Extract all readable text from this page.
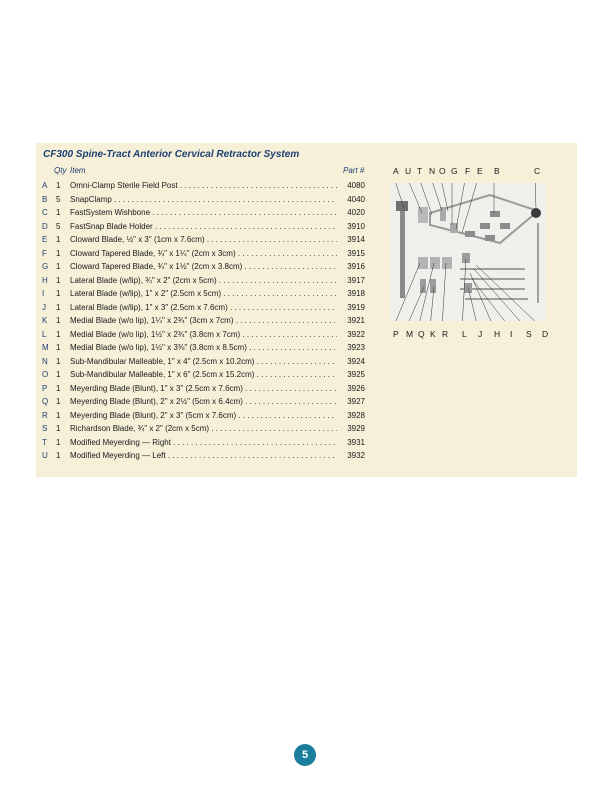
CF300 Spine-Tract Anterior Cervical Retractor System
Qty Item	Part #
A 1 Omni-Clamp Sterile Field Post . . .	4080
B 5 SnapClamp . . .	4040
C 1 FastSystem Wishbone . . .	4020
D 5 FastSnap Blade Holder . . .	3910
E 1 Cloward Blade, ½" x 3" (1cm x 7.6cm) . . .	3914
F 1 Cloward Tapered Blade, ¾" x 1¼" (2cm x 3cm) . . .	3915
G 1 Cloward Tapered Blade, ¾" x 1½" (2cm x 3.8cm) . . .	3916
H 1 Lateral Blade (w/lip), ¾" x 2" (2cm x 5cm) . . .	3917
I 1 Lateral Blade (w/lip), 1" x 2" (2.5cm x 5cm) . . .	3918
J 1 Lateral Blade (w/lip), 1" x 3" (2.5cm x 7.6cm) . . .	3919
K 1 Medial Blade (w/o lip), 1¼" x 2¾" (3cm x 7cm) . . .	3921
L 1 Medial Blade (w/o lip), 1½" x 2¾" (3.8cm x 7cm) . . .	3922
M 1 Medial Blade (w/o lip), 1½" x 3⅜" (3.8cm x 8.5cm) . . .	3923
N 1 Sub-Mandibular Malleable, 1" x 4" (2.5cm x 10.2cm) . . .	3924
O 1 Sub-Mandibular Malleable, 1" x 6" (2.5cm x 15.2cm) . . .	3925
P 1 Meyerding Blade (Blunt), 1" x 3" (2.5cm x 7.6cm) . . .	3926
Q 1 Meyerding Blade (Blunt), 2" x 2½" (5cm x 6.4cm) . . .	3927
R 1 Meyerding Blade (Blunt), 2" x 3" (5cm x 7.6cm) . . .	3928
S 1 Richardson Blade, ¾" x 2" (2cm x 5cm) . . .	3929
T 1 Modified Meyerding — Right . . .	3931
U 1 Modified Meyerding — Left . . .	3932
A U T N O G F E B	C
P M Q K R L J H I S D
5
